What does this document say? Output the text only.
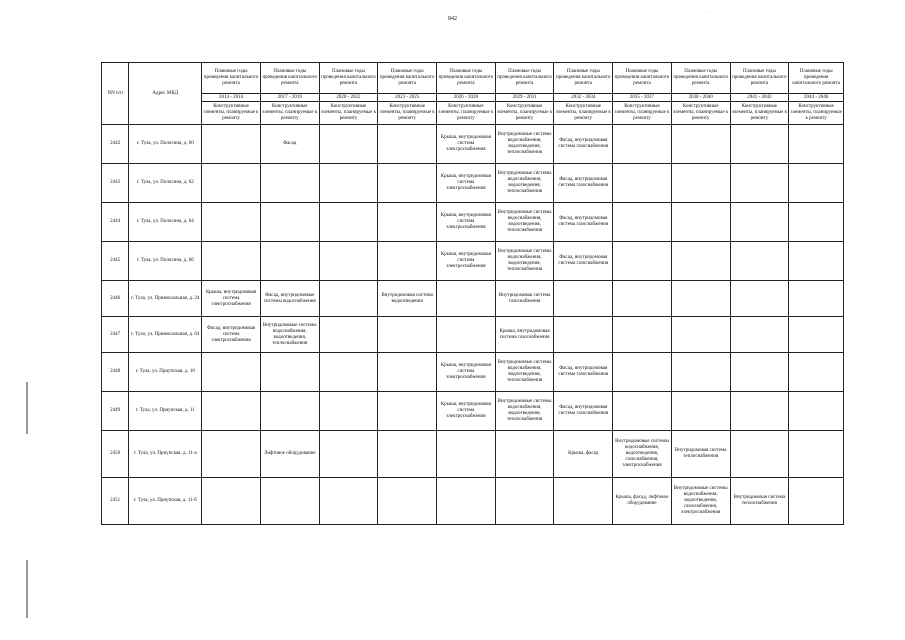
842
·
NN п/п	Адрес МКД	Плановые годы проведения капитального ремонта	Плановые годы проведения капитального ремонта	Плановые годы проведения капитального ремонта	Плановые годы проведения капитального ремонта	Плановые годы проведения капитального ремонта	Плановые годы проведения капитального ремонта	Плановые годы проведения капитального ремонта	Плановые годы проведения капитального ремонта	Плановые годы проведения капитального ремонта	Плановые годы проведения капитального ремонта	Плановые годы проведения капитального ремонта
		2014 - 2016	2017 - 2019	2020 - 2022	2023 - 2025	2026 - 2028	2029 - 2031	2032 - 2034	2035 - 2037	2038 - 2040	2041 - 2043	2044 - 2046
		Конструктивные элементы, планируемые к ремонту	Конструктивные элементы, планируемые к ремонту	Конструктивные элементы, планируемые к ремонту	Конструктивные элементы, планируемые к ремонту	Конструктивные элементы, планируемые к ремонту	Конструктивные элементы, планируемые к ремонту	Конструктивные элементы, планируемые к ремонту	Конструктивные элементы, планируемые к ремонту	Конструктивные элементы, планируемые к ремонту	Конструктивные элементы, планируемые к ремонту	Конструктивные элементы, планируемые к ремонту
2442	г. Тула, ул. Полосина, д. 60		Фасад			Крыша, внутридомовая система электроснабжения	Внутридомовые системы водоснабжения, водоотведения, теплоснабжения	Фасад, внутридомовая система газоснабжения				
2443	г. Тула, ул. Полосина, д. 62					Крыша, внутридомовая система электроснабжения	Внутридомовые системы водоснабжения, водоотведения, теплоснабжения	Фасад, внутридомовая система газоснабжения				
2444	г. Тула, ул. Полосина, д. 64					Крыша, внутридомовая система электроснабжения	Внутридомовые системы водоснабжения, водоотведения, теплоснабжения	Фасад, внутридомовая система газоснабжения				
2445	г. Тула, ул. Полосина, д. 66					Крыша, внутридомовая система электроснабжения	Внутридомовые системы водоснабжения, водоотведения, теплоснабжения	Фасад, внутридомовая система газоснабжения				
2446	г. Тула, ул. Привокзальная, д. 24	Крыша, внутридомовая система электроснабжения	Фасад, внутридомовые системы водоснабжения		Внутридомовая система водоотведения		Внутридомовая система газоснабжения					
2447	г. Тула, ул. Привокзальная, д. 64	Фасад, внутридомовая система электроснабжения	Внутридомовые системы водоснабжения, водоотведения, теплоснабжения				Крыша, внутридомовая система газоснабжения					
2448	г. Тула, ул. Приупская, д. 10					Крыша, внутридомовая система электроснабжения	Внутридомовые системы водоснабжения, водоотведения, теплоснабжения	Фасад, внутридомовая система газоснабжения				
2449	г. Тула, ул. Приупская, д. 11					Крыша, внутридомовая система электроснабжения	Внутридомовые системы водоснабжения, водоотведения, теплоснабжения	Фасад, внутридомовая система газоснабжения				
2450	г. Тула, ул. Приупская, д. 11-а		Лифтовое оборудование					Крыша, фасад	Внутридомовые системы водоснабжения, водоотведения, газоснабжения, электроснабжения	Внутридомовая система теплоснабжения		
2451	г. Тула, ул. Приупская, д. 11-б								Крыша, фасад, лифтовое оборудование	Внутридомовые системы водоснабжения, водоотведения, газоснабжения, электроснабжения	Внутридомовая система теплоснабжения	
